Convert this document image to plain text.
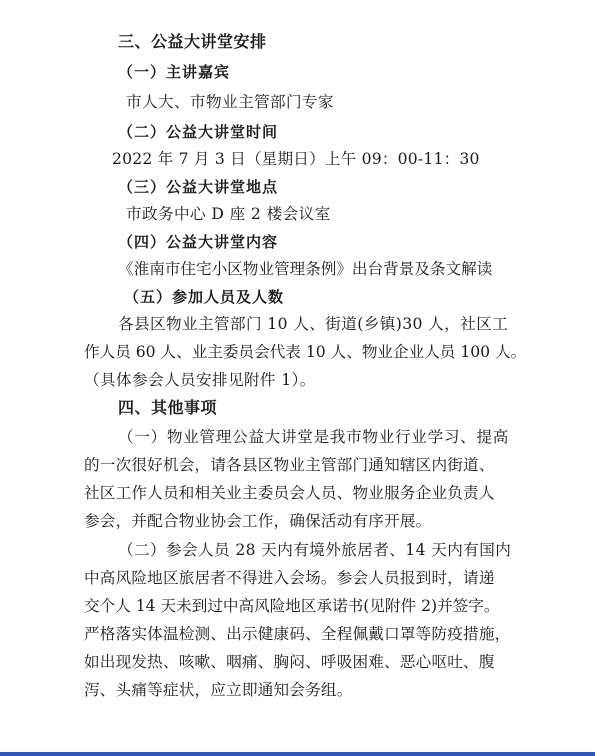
三、公益大讲堂安排
（一）主讲嘉宾
市人大、市物业主管部门专家
（二）公益大讲堂时间
2022 年 7 月 3 日（星期日）上午 09：00-11：30
（三）公益大讲堂地点
市政务中心 D 座 2 楼会议室
（四）公益大讲堂内容
《淮南市住宅小区物业管理条例》出台背景及条文解读
（五）参加人员及人数
各县区物业主管部门 10 人、街道(乡镇)30 人，社区工
作人员 60 人、业主委员会代表 10 人、物业企业人员 100 人。
（具体参会人员安排见附件 1）。
四、其他事项
（一）物业管理公益大讲堂是我市物业行业学习、提高
的一次很好机会，请各县区物业主管部门通知辖区内街道、
社区工作人员和相关业主委员会人员、物业服务企业负责人
参会，并配合物业协会工作，确保活动有序开展。
（二）参会人员 28 天内有境外旅居者、14 天内有国内
中高风险地区旅居者不得进入会场。参会人员报到时，请递
交个人 14 天未到过中高风险地区承诺书(见附件 2)并签字。
严格落实体温检测、出示健康码、全程佩戴口罩等防疫措施，
如出现发热、咳嗽、咽痛、胸闷、呼吸困难、恶心呕吐、腹
泻、头痛等症状，应立即通知会务组。
